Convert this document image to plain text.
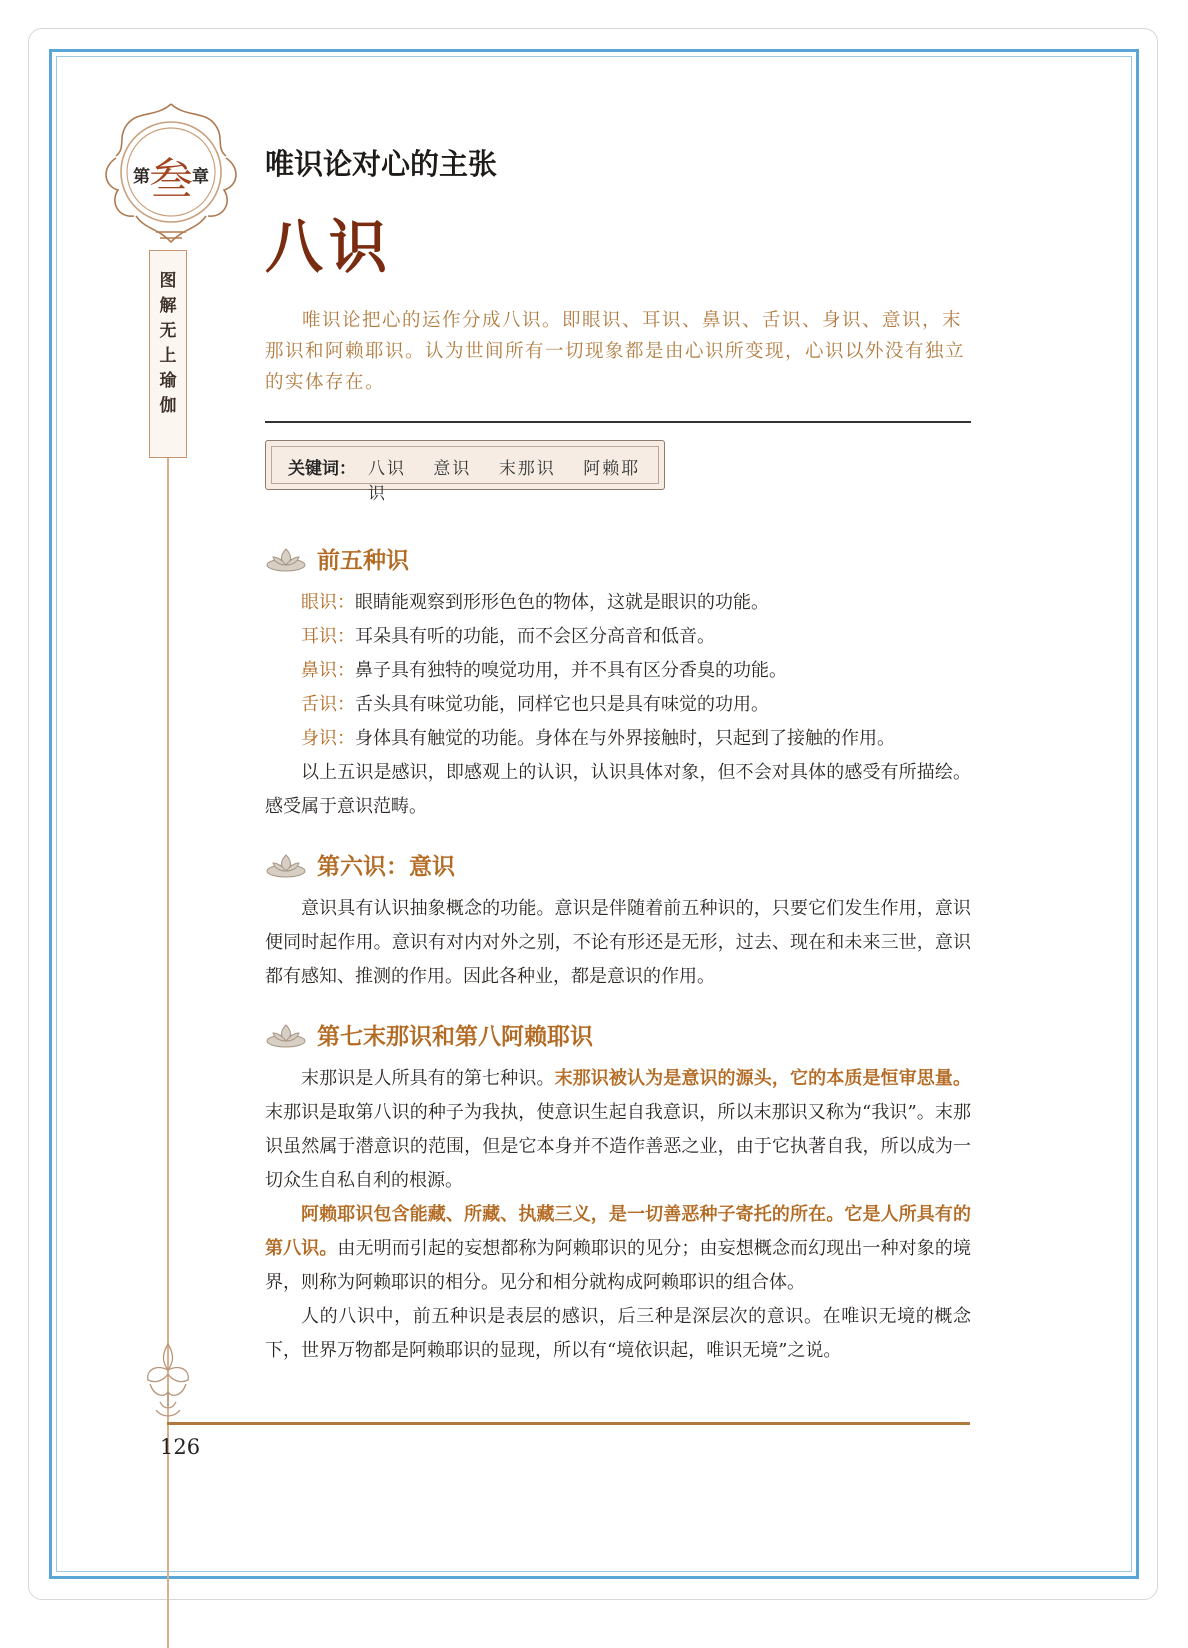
第 叁 章
图解无上瑜伽
唯识论对心的主张
八识
唯识论把心的运作分成八识。即眼识、耳识、鼻识、舌识、身识、意识，末那识和阿赖耶识。认为世间所有一切现象都是由心识所变现，心识以外没有独立的实体存在。
关键词： 八识 意识 末那识 阿赖耶识
前五种识

眼识：眼睛能观察到形形色色的物体，这就是眼识的功能。

耳识：耳朵具有听的功能，而不会区分高音和低音。

鼻识：鼻子具有独特的嗅觉功用，并不具有区分香臭的功能。

舌识：舌头具有味觉功能，同样它也只是具有味觉的功用。

身识：身体具有触觉的功能。身体在与外界接触时，只起到了接触的作用。

以上五识是感识，即感观上的认识，认识具体对象，但不会对具体的感受有所描绘。感受属于意识范畴。

第六识：意识

意识具有认识抽象概念的功能。意识是伴随着前五种识的，只要它们发生作用，意识便同时起作用。意识有对内对外之别，不论有形还是无形，过去、现在和未来三世，意识都有感知、推测的作用。因此各种业，都是意识的作用。

第七末那识和第八阿赖耶识

末那识是人所具有的第七种识。末那识被认为是意识的源头，它的本质是恒审思量。末那识是取第八识的种子为我执，使意识生起自我意识，所以末那识又称为“我识”。末那识虽然属于潜意识的范围，但是它本身并不造作善恶之业，由于它执著自我，所以成为一切众生自私自利的根源。

阿赖耶识包含能藏、所藏、执藏三义，是一切善恶种子寄托的所在。它是人所具有的第八识。由无明而引起的妄想都称为阿赖耶识的见分；由妄想概念而幻现出一种对象的境界，则称为阿赖耶识的相分。见分和相分就构成阿赖耶识的组合体。

人的八识中，前五种识是表层的感识，后三种是深层次的意识。在唯识无境的概念下，世界万物都是阿赖耶识的显现，所以有“境依识起，唯识无境”之说。

126
